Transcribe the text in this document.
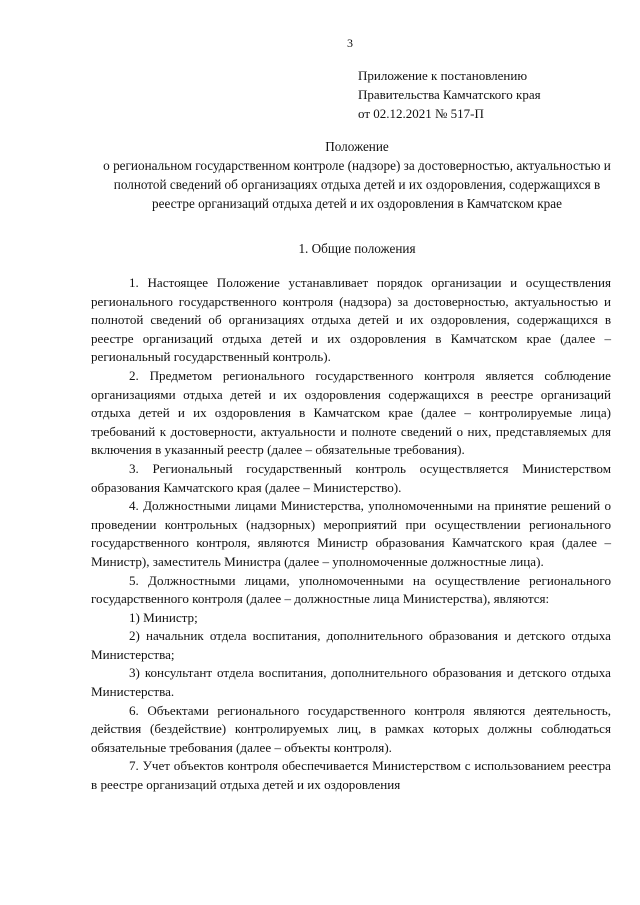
3
Приложение к постановлению
Правительства Камчатского края
от 02.12.2021 № 517-П
Положение
о региональном государственном контроле (надзоре) за достоверностью, актуальностью и полнотой сведений об организациях отдыха детей и их оздоровления, содержащихся в реестре организаций отдыха детей и их оздоровления в Камчатском крае
1. Общие положения

1. Настоящее Положение устанавливает порядок организации и осуществления регионального государственного контроля (надзора) за достоверностью, актуальностью и полнотой сведений об организациях отдыха детей и их оздоровления, содержащихся в реестре организаций отдыха детей и их оздоровления в Камчатском крае (далее – региональный государственный контроль).

2. Предметом регионального государственного контроля является соблюдение организациями отдыха детей и их оздоровления содержащихся в реестре организаций отдыха детей и их оздоровления в Камчатском крае (далее – контролируемые лица) требований к достоверности, актуальности и полноте сведений о них, представляемых для включения в указанный реестр (далее – обязательные требования).

3. Региональный государственный контроль осуществляется Министерством образования Камчатского края (далее – Министерство).

4. Должностными лицами Министерства, уполномоченными на принятие решений о проведении контрольных (надзорных) мероприятий при осуществлении регионального государственного контроля, являются Министр образования Камчатского края (далее – Министр), заместитель Министра (далее – уполномоченные должностные лица).

5. Должностными лицами, уполномоченными на осуществление регионального государственного контроля (далее – должностные лица Министерства), являются:

1) Министр;

2) начальник отдела воспитания, дополнительного образования и детского отдыха Министерства;

3) консультант отдела воспитания, дополнительного образования и детского отдыха Министерства.

6. Объектами регионального государственного контроля являются деятельность, действия (бездействие) контролируемых лиц, в рамках которых должны соблюдаться обязательные требования (далее – объекты контроля).

7. Учет объектов контроля обеспечивается Министерством с использованием реестра в реестре организаций отдыха детей и их оздоровления
